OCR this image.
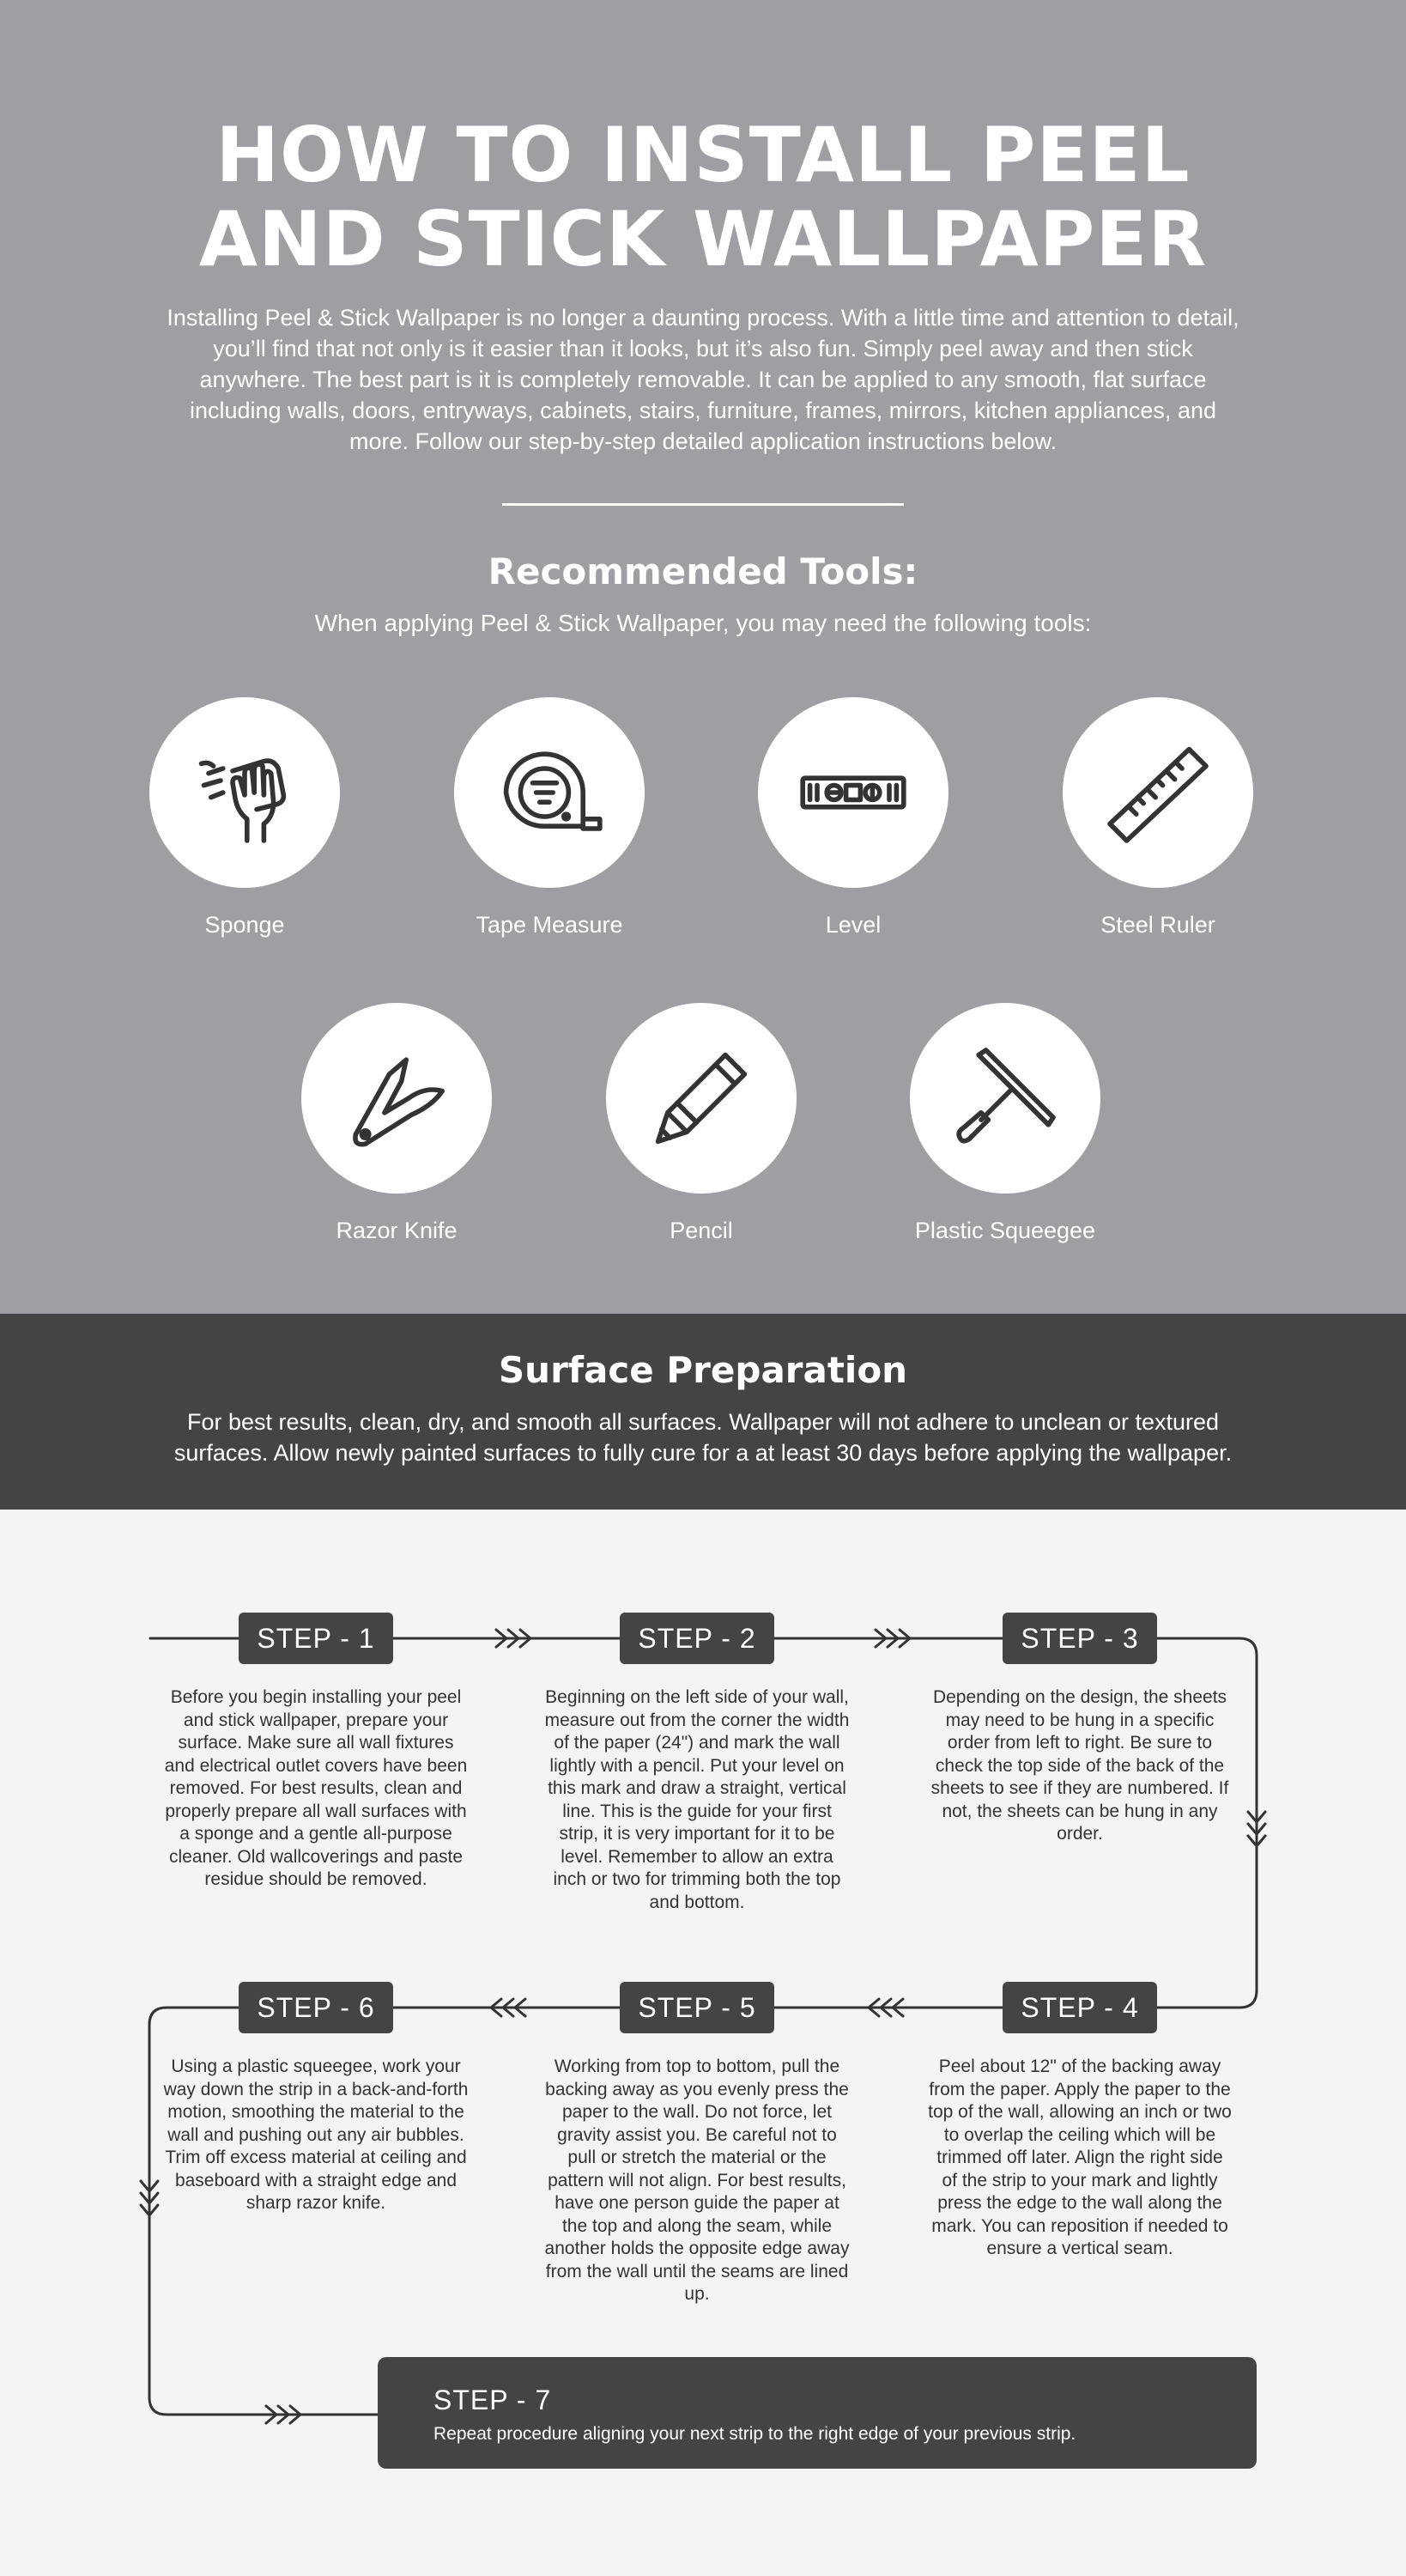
HOW TO INSTALL PEEL
AND STICK WALLPAPER

Installing Peel & Stick Wallpaper is no longer a daunting process. With a little time and attention to detail, you’ll find that not only is it easier than it looks, but it’s also fun. Simply peel away and then stick anywhere. The best part is it is completely removable. It can be applied to any smooth, flat surface including walls, doors, entryways, cabinets, stairs, furniture, frames, mirrors, kitchen appliances, and more. Follow our step-by-step detailed application instructions below.

Recommended Tools:

When applying Peel & Stick Wallpaper, you may need the following tools:

Sponge	Tape Measure	Level	Steel Ruler
Razor Knife	Pencil	Plastic Squeegee
Surface Preparation

For best results, clean, dry, and smooth all surfaces. Wallpaper will not adhere to unclean or textured surfaces. Allow newly painted surfaces to fully cure for a at least 30 days before applying the wallpaper.

STEP - 1
Before you begin installing your peel and stick wallpaper, prepare your surface. Make sure all wall fixtures and electrical outlet covers have been removed. For best results, clean and properly prepare all wall surfaces with a sponge and a gentle all-purpose cleaner. Old wallcoverings and paste residue should be removed.
STEP - 2
Beginning on the left side of your wall, measure out from the corner the width of the paper (24") and mark the wall lightly with a pencil. Put your level on this mark and draw a straight, vertical line. This is the guide for your first strip, it is very important for it to be level. Remember to allow an extra inch or two for trimming both the top and bottom.
STEP - 3
Depending on the design, the sheets may need to be hung in a specific order from left to right. Be sure to check the top side of the back of the sheets to see if they are numbered. If not, the sheets can be hung in any order.
STEP - 6
Using a plastic squeegee, work your way down the strip in a back-and-forth motion, smoothing the material to the wall and pushing out any air bubbles. Trim off excess material at ceiling and baseboard with a straight edge and sharp razor knife.
STEP - 5
Working from top to bottom, pull the backing away as you evenly press the paper to the wall. Do not force, let gravity assist you. Be careful not to pull or stretch the material or the pattern will not align. For best results, have one person guide the paper at the top and along the seam, while another holds the opposite edge away from the wall until the seams are lined up.
STEP - 4
Peel about 12" of the backing away from the paper. Apply the paper to the top of the wall, allowing an inch or two to overlap the ceiling which will be trimmed off later. Align the right side of the strip to your mark and lightly press the edge to the wall along the mark. You can reposition if needed to ensure a vertical seam.
STEP - 7
Repeat procedure aligning your next strip to the right edge of your previous strip.
